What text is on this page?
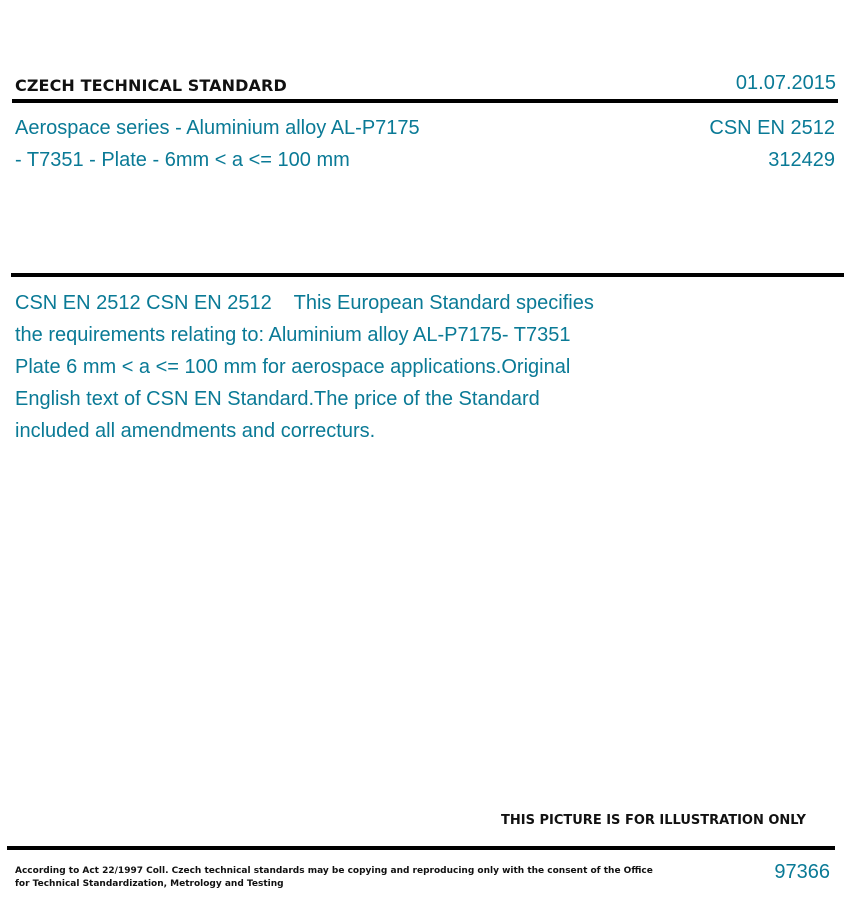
CZECH TECHNICAL STANDARD	01.07.2015
Aerospace series - Aluminium alloy AL-P7175
- T7351 - Plate - 6mm < a <= 100 mm
CSN EN 2512
312429
CSN EN 2512 CSN EN 2512    This European Standard specifies
the requirements relating to: Aluminium alloy AL-P7175- T7351
Plate 6 mm < a <= 100 mm for aerospace applications.Original
English text of CSN EN Standard.The price of the Standard
included all amendments and correcturs.
THIS PICTURE IS FOR ILLUSTRATION ONLY
According to Act 22/1997 Coll. Czech technical standards may be copying and reproducing only with the consent of the Office
for Technical Standardization, Metrology and Testing
97366
